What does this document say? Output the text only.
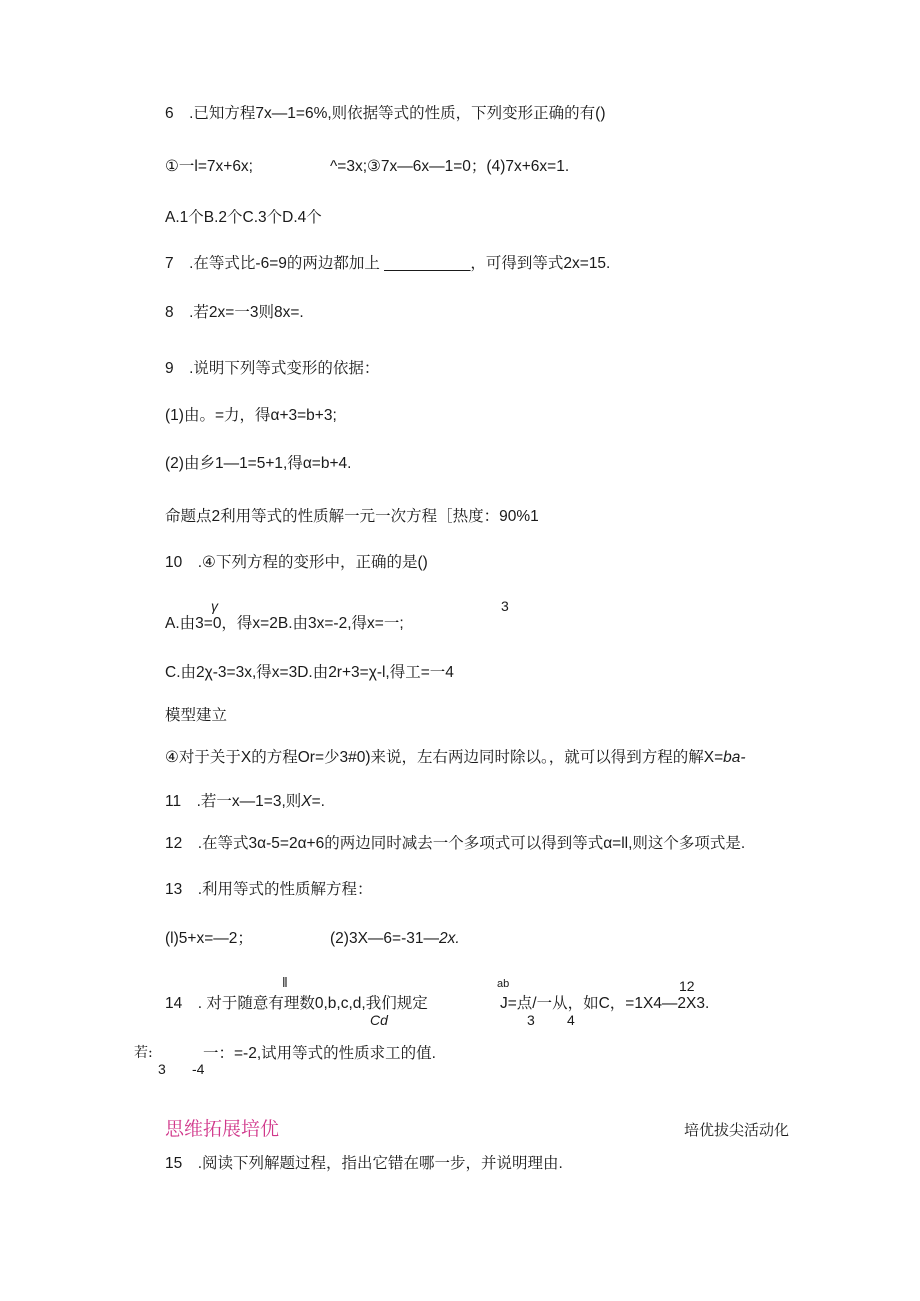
6　.已知方程7x—1=6%,则依据等式的性质，下列变形正确的有()
①一l=7x+6x;	^=3x;③7x—6x—1=0；(4)7x+6x=1.
A.1个B.2个C.3个D.4个
7　.在等式比-6=9的两边都加上 __________，可得到等式2x=15.
8　.若2x=一3则8x=.
9　.说明下列等式变形的依据：
(1)由。=力，得α+3=b+3;
(2)由乡1—1=5+1,得α=b+4.
命题点2利用等式的性质解一元一次方程［热度：90%1
10　.④下列方程的变形中，正确的是()
γ	3
A.由3=0，得x=2B.由3x=-2,得x=一;
C.由2χ-3=3x,得x=3D.由2r+3=χ-l,得工=一4
模型建立
④对于关于X的方程Or=少3#0)来说，左右两边同时除以。，就可以得到方程的解X=ba-
11　.若一x—1=3,则X=.
12　.在等式3α-5=2α+6的两边同时减去一个多项式可以得到等式α=ll,则这个多项式是.
13　.利用等式的性质解方程：
(l)5+x=—2；	(2)3X—6=-31—2x.
‖	ab	12
14　. 对于随意有理数0,b,c,d,我们规定	J=点/一从，如C，=1X4—2X3.
Cd	3 4
若:	一：=-2,试用等式的性质求工的值.
3 -4
思维拓展培优	培优拔尖活动化
15　.阅读下列解题过程，指出它错在哪一步，并说明理由.
